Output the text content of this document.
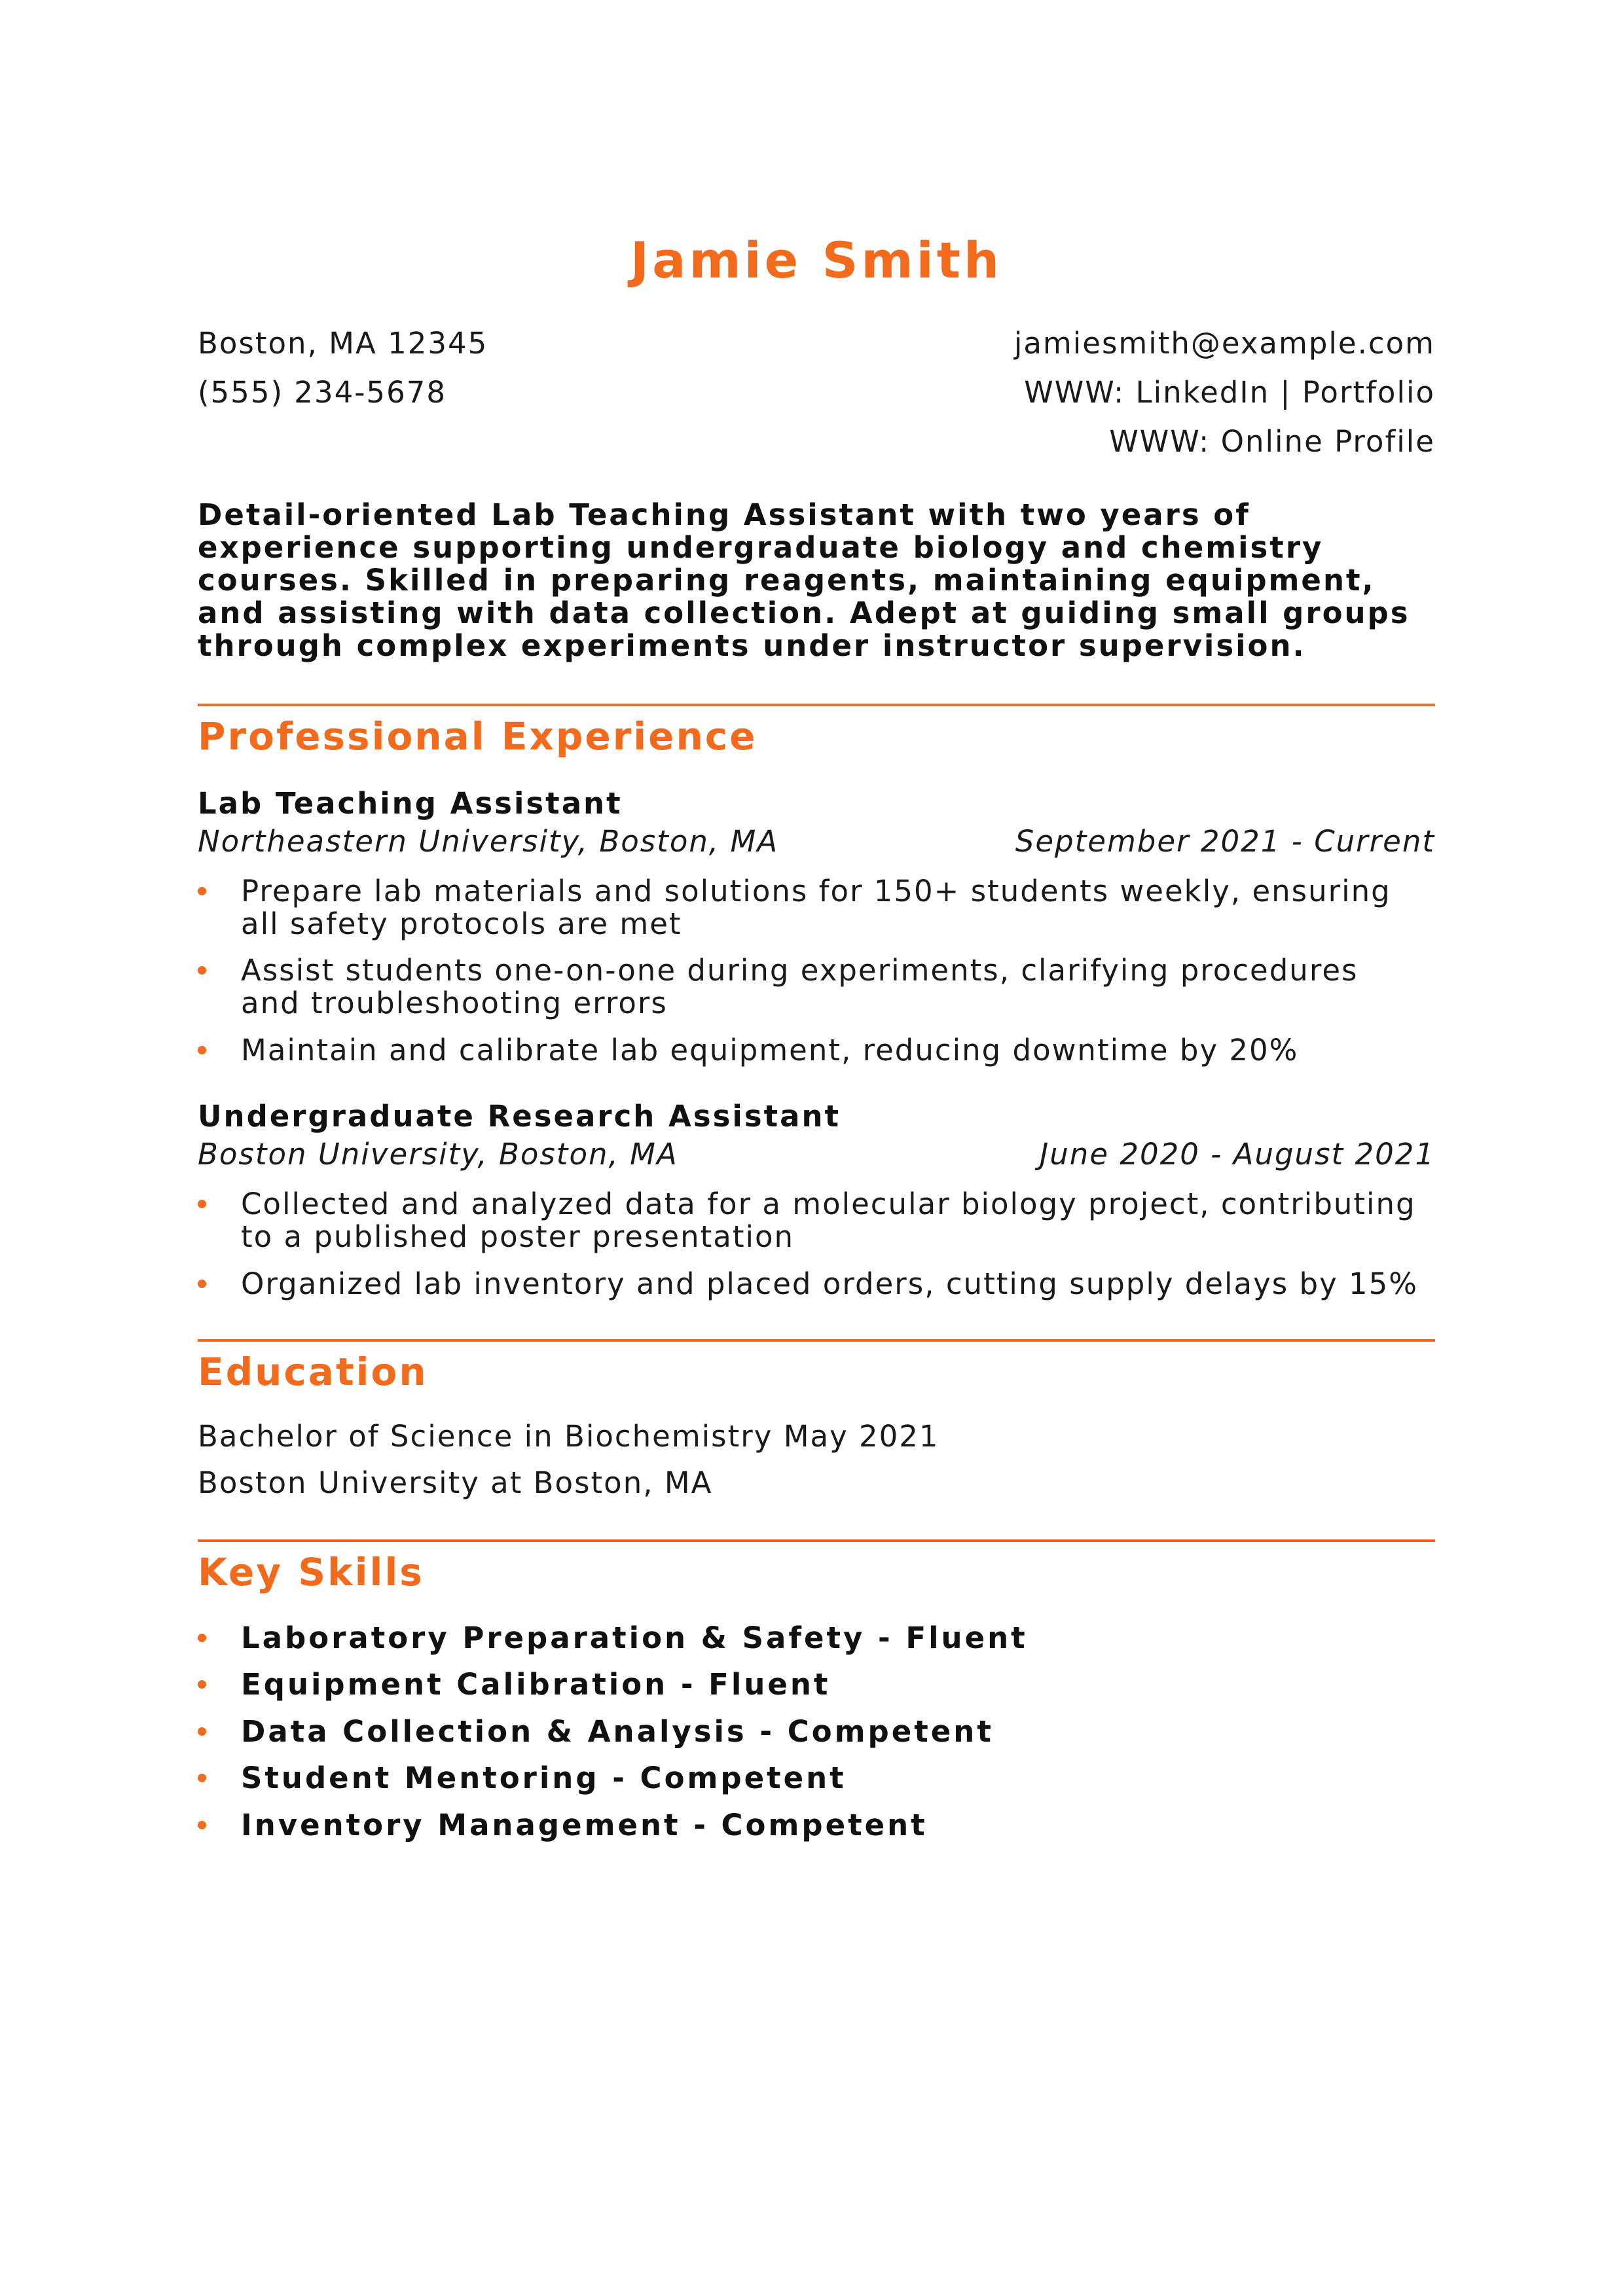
Jamie Smith
Boston, MA 12345	jamiesmith@example.com
(555) 234-5678	WWW: LinkedIn | Portfolio
WWW: Online Profile
Detail-oriented Lab Teaching Assistant with two years of experience supporting undergraduate biology and chemistry courses. Skilled in preparing reagents, maintaining equipment, and assisting with data collection. Adept at guiding small groups through complex experiments under instructor supervision.
Professional Experience
Lab Teaching Assistant
Northeastern University, Boston, MA	September 2021 - Current
Prepare lab materials and solutions for 150+ students weekly, ensuring all safety protocols are met
Assist students one-on-one during experiments, clarifying procedures and troubleshooting errors
Maintain and calibrate lab equipment, reducing downtime by 20%
Undergraduate Research Assistant
Boston University, Boston, MA	June 2020 - August 2021
Collected and analyzed data for a molecular biology project, contributing to a published poster presentation
Organized lab inventory and placed orders, cutting supply delays by 15%
Education
Bachelor of Science in Biochemistry May 2021
Boston University at Boston, MA
Key Skills
Laboratory Preparation & Safety - Fluent
Equipment Calibration - Fluent
Data Collection & Analysis - Competent
Student Mentoring - Competent
Inventory Management - Competent
